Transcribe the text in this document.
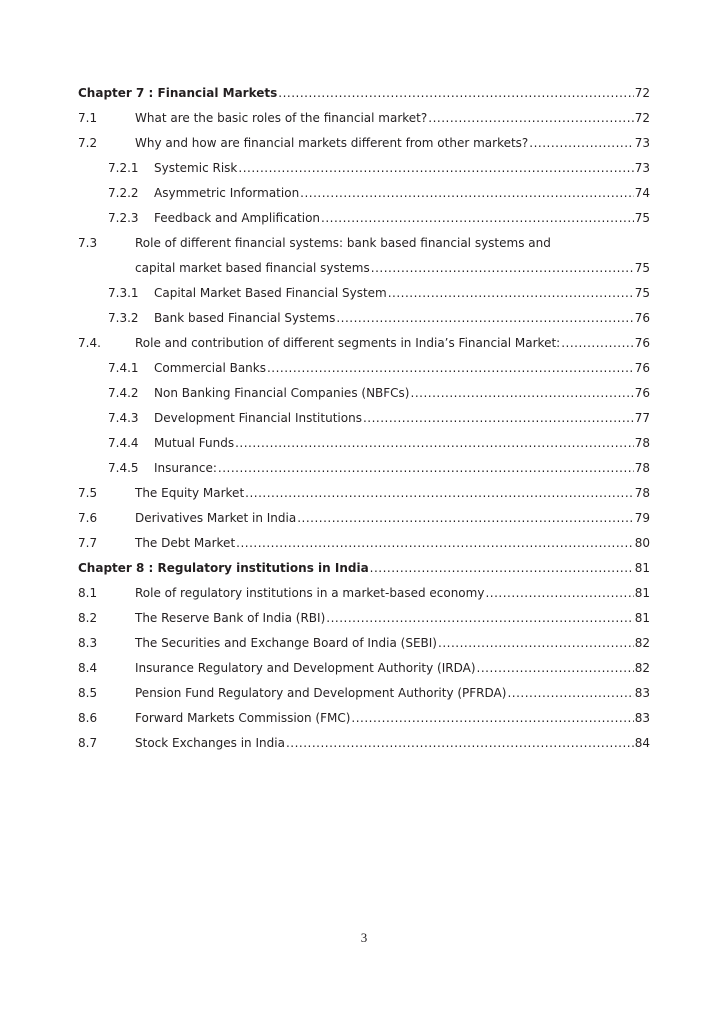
Chapter 7 : Financial Markets .....	72
7.1	What are the basic roles of the financial market? .....	72
7.2	Why and how are financial markets different from other markets? .....	73
7.2.1 Systemic Risk .....	73
7.2.2 Asymmetric Information .....	74
7.2.3 Feedback and Amplification .....	75
7.3	Role of different financial systems: bank based financial systems and
capital market based financial systems .....	75
7.3.1 Capital Market Based Financial System .....	75
7.3.2 Bank based Financial Systems .....	76
7.4.	Role and contribution of different segments in India’s Financial Market: .....	76
7.4.1 Commercial Banks .....	76
7.4.2 Non Banking Financial Companies (NBFCs) .....	76
7.4.3 Development Financial Institutions .....	77
7.4.4 Mutual Funds .....	78
7.4.5 Insurance: .....	78
7.5	The Equity Market .....	78
7.6	Derivatives Market in India .....	79
7.7	The Debt Market .....	80
Chapter 8 : Regulatory institutions in India .....	81
8.1	Role of regulatory institutions in a market-based economy .....	81
8.2	The Reserve Bank of India (RBI) .....	81
8.3	The Securities and Exchange Board of India (SEBI) .....	82
8.4	Insurance Regulatory and Development Authority (IRDA) .....	82
8.5	Pension Fund Regulatory and Development Authority (PFRDA) .....	83
8.6	Forward Markets Commission (FMC) .....	83
8.7	Stock Exchanges in India .....	84
3
